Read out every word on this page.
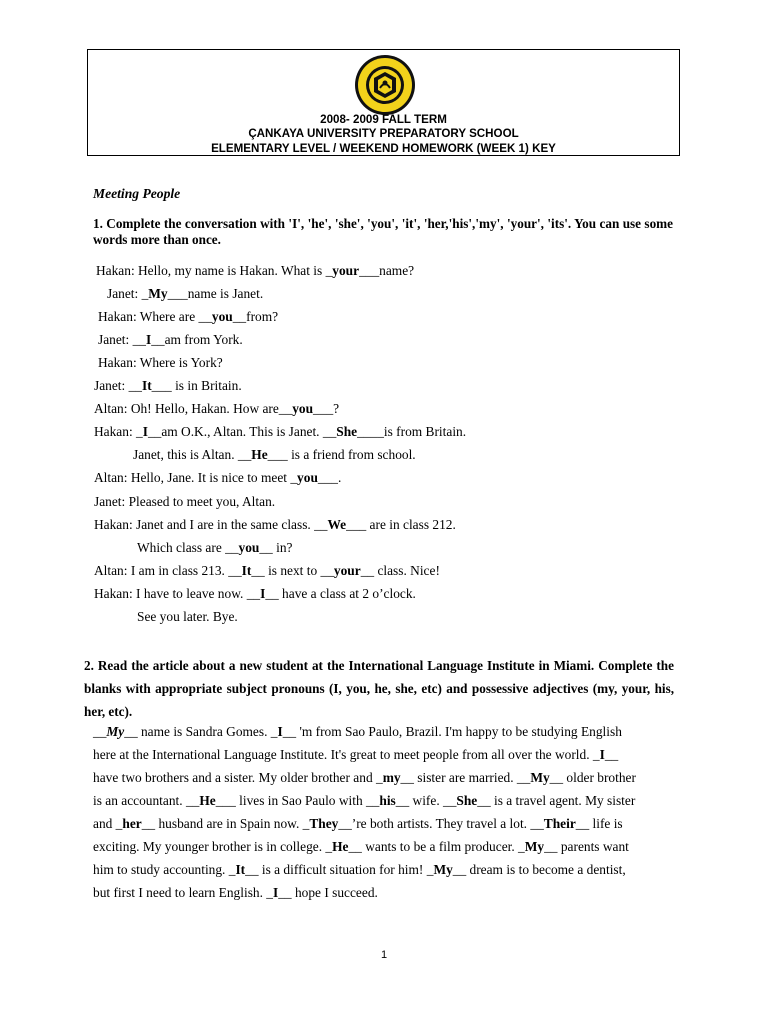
2008- 2009 FALL TERM
ÇANKAYA UNIVERSITY PREPARATORY SCHOOL
ELEMENTARY LEVEL / WEEKEND HOMEWORK (WEEK 1) KEY
Meeting People
1. Complete the conversation with 'I', 'he', 'she', 'you', 'it', 'her,'his','my', 'your', 'its'. You can use some words more than once.
Hakan: Hello, my name is Hakan. What is _your___name?
Janet: _My___name is Janet.
Hakan: Where are __you__from?
Janet: __I__am from York.
Hakan: Where is York?
Janet: __It___ is in Britain.
Altan: Oh! Hello, Hakan. How are__you___?
Hakan: _I__am O.K., Altan. This is Janet. __She____is from Britain.
Janet, this is Altan. __He___ is a friend from school.
Altan: Hello, Jane. It is nice to meet _you___.
Janet: Pleased to meet you, Altan.
Hakan: Janet and I are in the same class. __We___ are in class 212.
Which class are __you__ in?
Altan: I am in class 213. __It__ is next to __your__ class. Nice!
Hakan: I have to leave now. __I__ have a class at 2 o’clock.
See you later. Bye.
2. Read the article about a new student at the International Language Institute in Miami. Complete the blanks with appropriate subject pronouns (I, you, he, she, etc) and possessive adjectives (my, your, his, her, etc).
__My__ name is Sandra Gomes. _I__ 'm from Sao Paulo, Brazil. I'm happy to be studying English
here at the International Language Institute. It's great to meet people from all over the world. _I__
have two brothers and a sister. My older brother and _my__ sister are married. __My__ older brother
is an accountant. __He___ lives in Sao Paulo with __his__ wife. __She__ is a travel agent. My sister
and _her__ husband are in Spain now. _They__’re both artists. They travel a lot. __Their__ life is
exciting. My younger brother is in college. _He__ wants to be a film producer. _My__ parents want
him to study accounting. _It__ is a difficult situation for him! _My__ dream is to become a dentist,
but first I need to learn English. _I__ hope I succeed.
1
